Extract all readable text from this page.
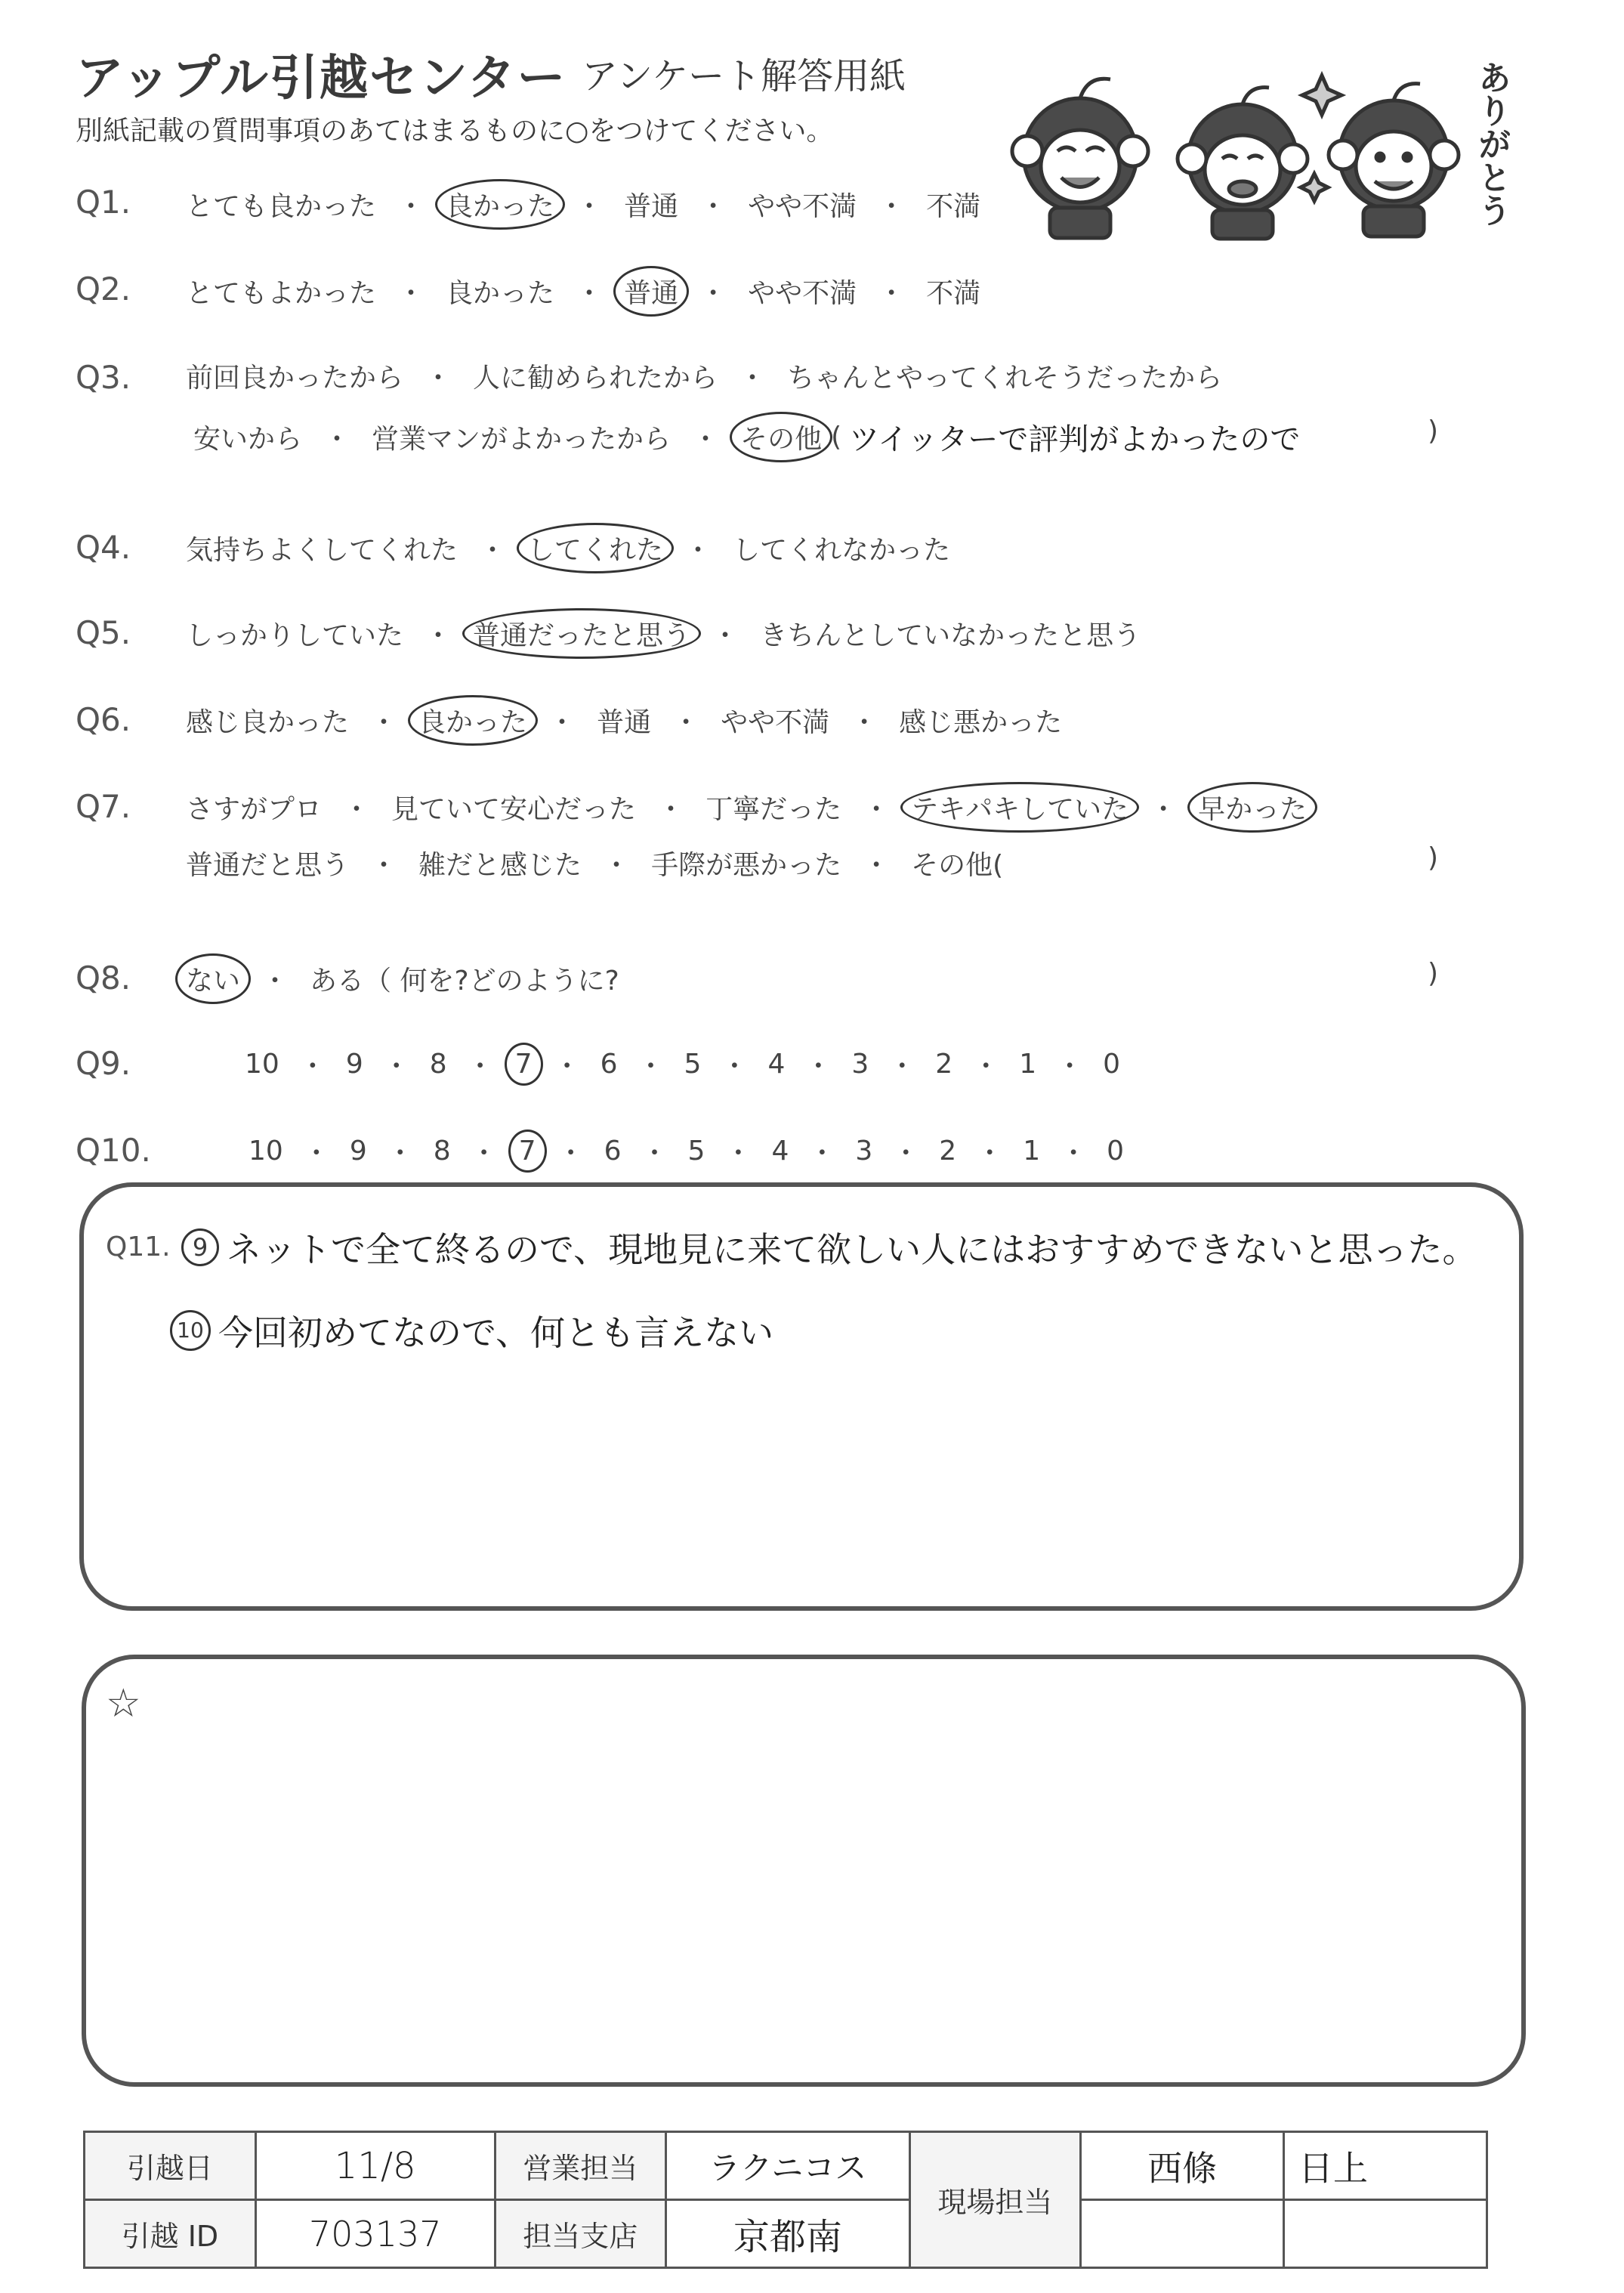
アップル引越センター アンケート解答用紙
別紙記載の質問事項のあてはまるものに○をつけてください。	ありがとう
Q1. とても良かった ・ 良かった ・ 普通 ・ やや不満 ・ 不満
Q2. とてもよかった ・ 良かった ・ 普通 ・ やや不満 ・ 不満
Q3. 前回良かったから ・ 人に勧められたから ・ ちゃんとやってくれそうだったから
安いから ・ 営業マンがよかったから ・ その他 ( ツイッターで評判がよかったので	)
Q4. 気持ちよくしてくれた ・ してくれた ・ してくれなかった
Q5. しっかりしていた ・ 普通だったと思う ・ きちんとしていなかったと思う
Q6. 感じ良かった ・ 良かった ・ 普通 ・ やや不満 ・ 感じ悪かった
Q7. さすがプロ ・ 見ていて安心だった ・ 丁寧だった ・ テキパキしていた ・ 早かった
普通だと思う ・ 雑だと感じた ・ 手際が悪かった ・ その他(	)
Q8. ない ・ ある（ 何を?どのように?	)
Q9.	10 ・ 9 ・ 8 ・ 7 ・ 6 ・ 5 ・ 4 ・ 3 ・ 2 ・ 1 ・ 0
Q10.	10 ・ 9 ・ 8 ・ 7 ・ 6 ・ 5 ・ 4 ・ 3 ・ 2 ・ 1 ・ 0
Q11. 9 ネットで全て終るので、現地見に来て欲しい人にはおすすめできないと思った。
10 今回初めてなので、何とも言えない
☆
引越日	11/8	営業担当	ラクニコス	現場担当	西條	日上
引越 ID	703137	担当支店	京都南			
